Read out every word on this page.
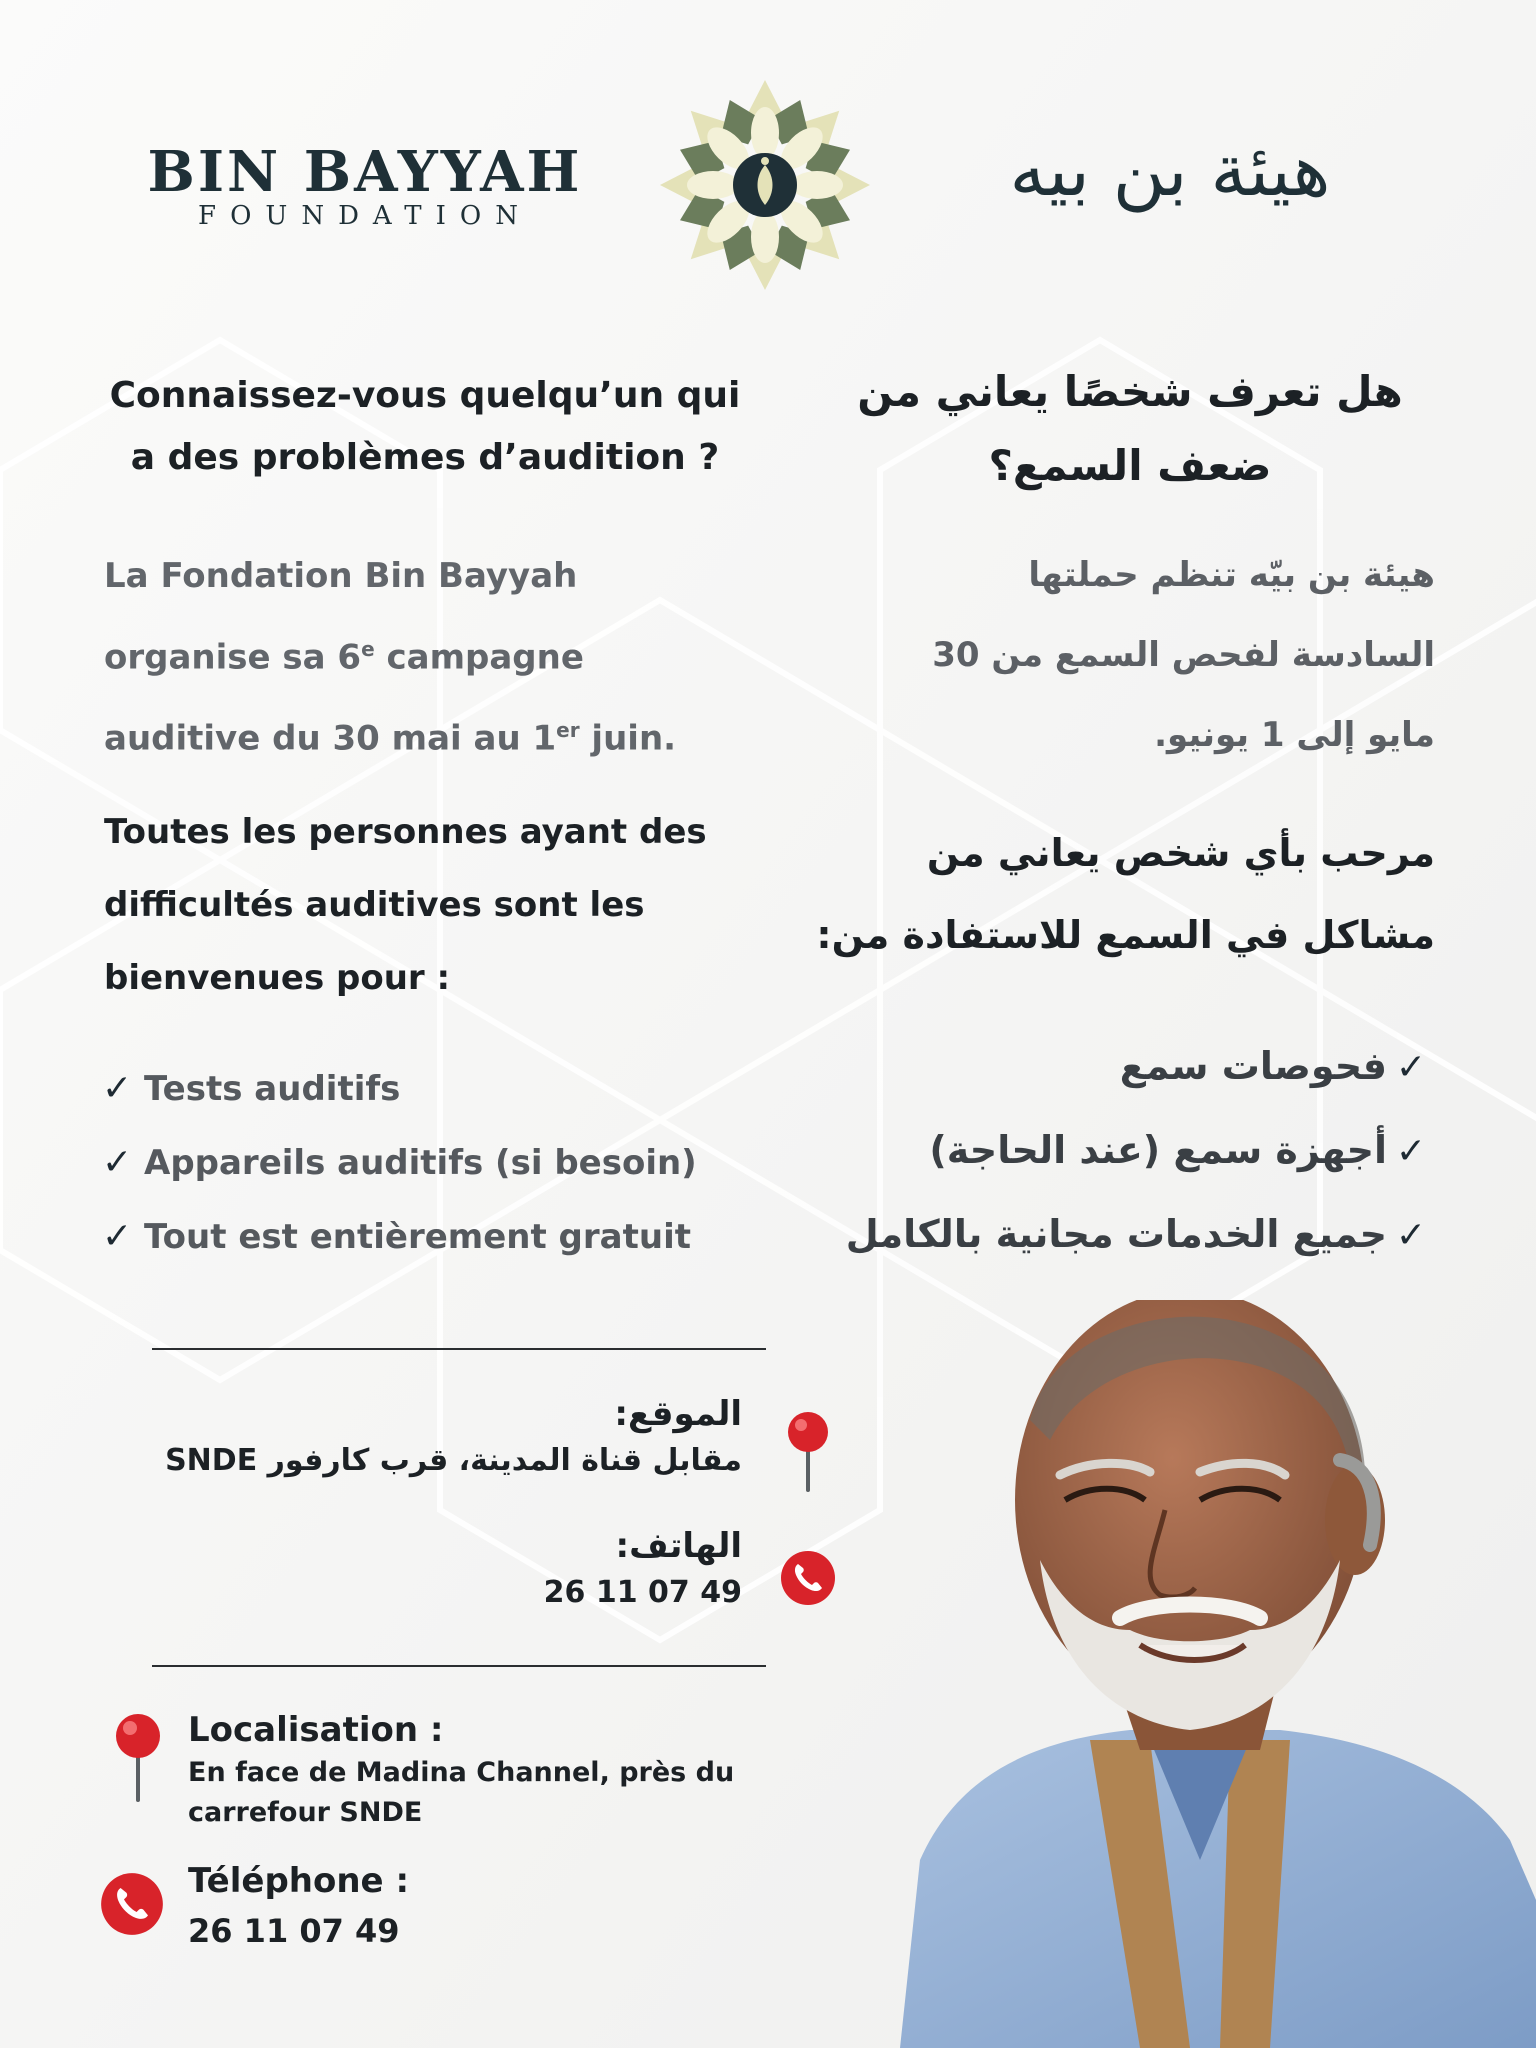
BIN BAYYAH
FOUNDATION
هيئة بن بيه
Connaissez-vous quelqu’un qui a des problèmes d’audition ?
La Fondation Bin Bayyah
organise sa 6e campagne
auditive du 30 mai au 1er juin.
Toutes les personnes ayant des difficultés auditives sont les bienvenues pour :
✓ Tests auditifs
✓ Appareils auditifs (si besoin)
✓ Tout est entièrement gratuit
هل تعرف شخصًا يعاني من ضعف السمع؟
هيئة بن بيّه تنظم حملتها السادسة لفحص السمع من 30 مايو إلى 1 يونيو.
مرحب بأي شخص يعاني من مشاكل في السمع للاستفادة من:
✓فحوصات سمع
✓أجهزة سمع (عند الحاجة)
✓جميع الخدمات مجانية بالكامل
الموقع:
مقابل قناة المدينة، قرب كارفور SNDE
الهاتف:
26 11 07 49
Localisation :
En face de Madina Channel, près du carrefour SNDE
Téléphone :
26 11 07 49
